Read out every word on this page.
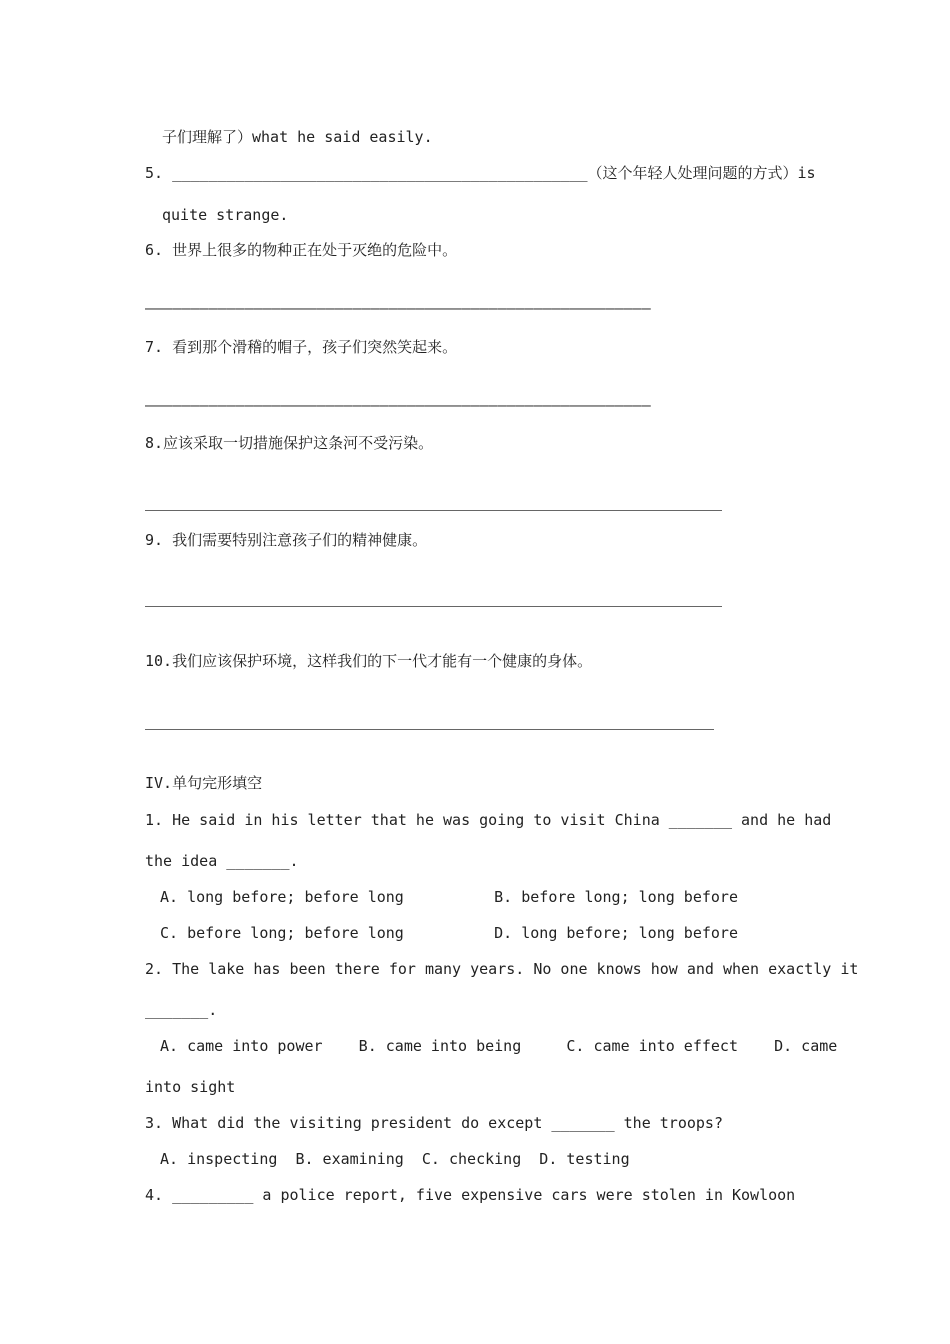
子们理解了）what he said easily.
5. ______________________________________________（这个年轻人处理问题的方式）is
quite strange.
6. 世界上很多的物种正在处于灭绝的危险中。
————————————————————————————————————————————————————————
7. 看到那个滑稽的帽子，孩子们突然笑起来。
————————————————————————————————————————————————————————
8.应该采取一切措施保护这条河不受污染。
9. 我们需要特别注意孩子们的精神健康。
10.我们应该保护环境，这样我们的下一代才能有一个健康的身体。
IV.单句完形填空
1. He said in his letter that he was going to visit China _______ and he had
the idea _______.
A. long before; before long          B. before long; long before
C. before long; before long          D. long before; long before
2. The lake has been there for many years. No one knows how and when exactly it
_______.
A. came into power    B. came into being     C. came into effect    D. came
into sight
3. What did the visiting president do except _______ the troops?
A. inspecting  B. examining  C. checking  D. testing
4. _________ a police report, five expensive cars were stolen in Kowloon
